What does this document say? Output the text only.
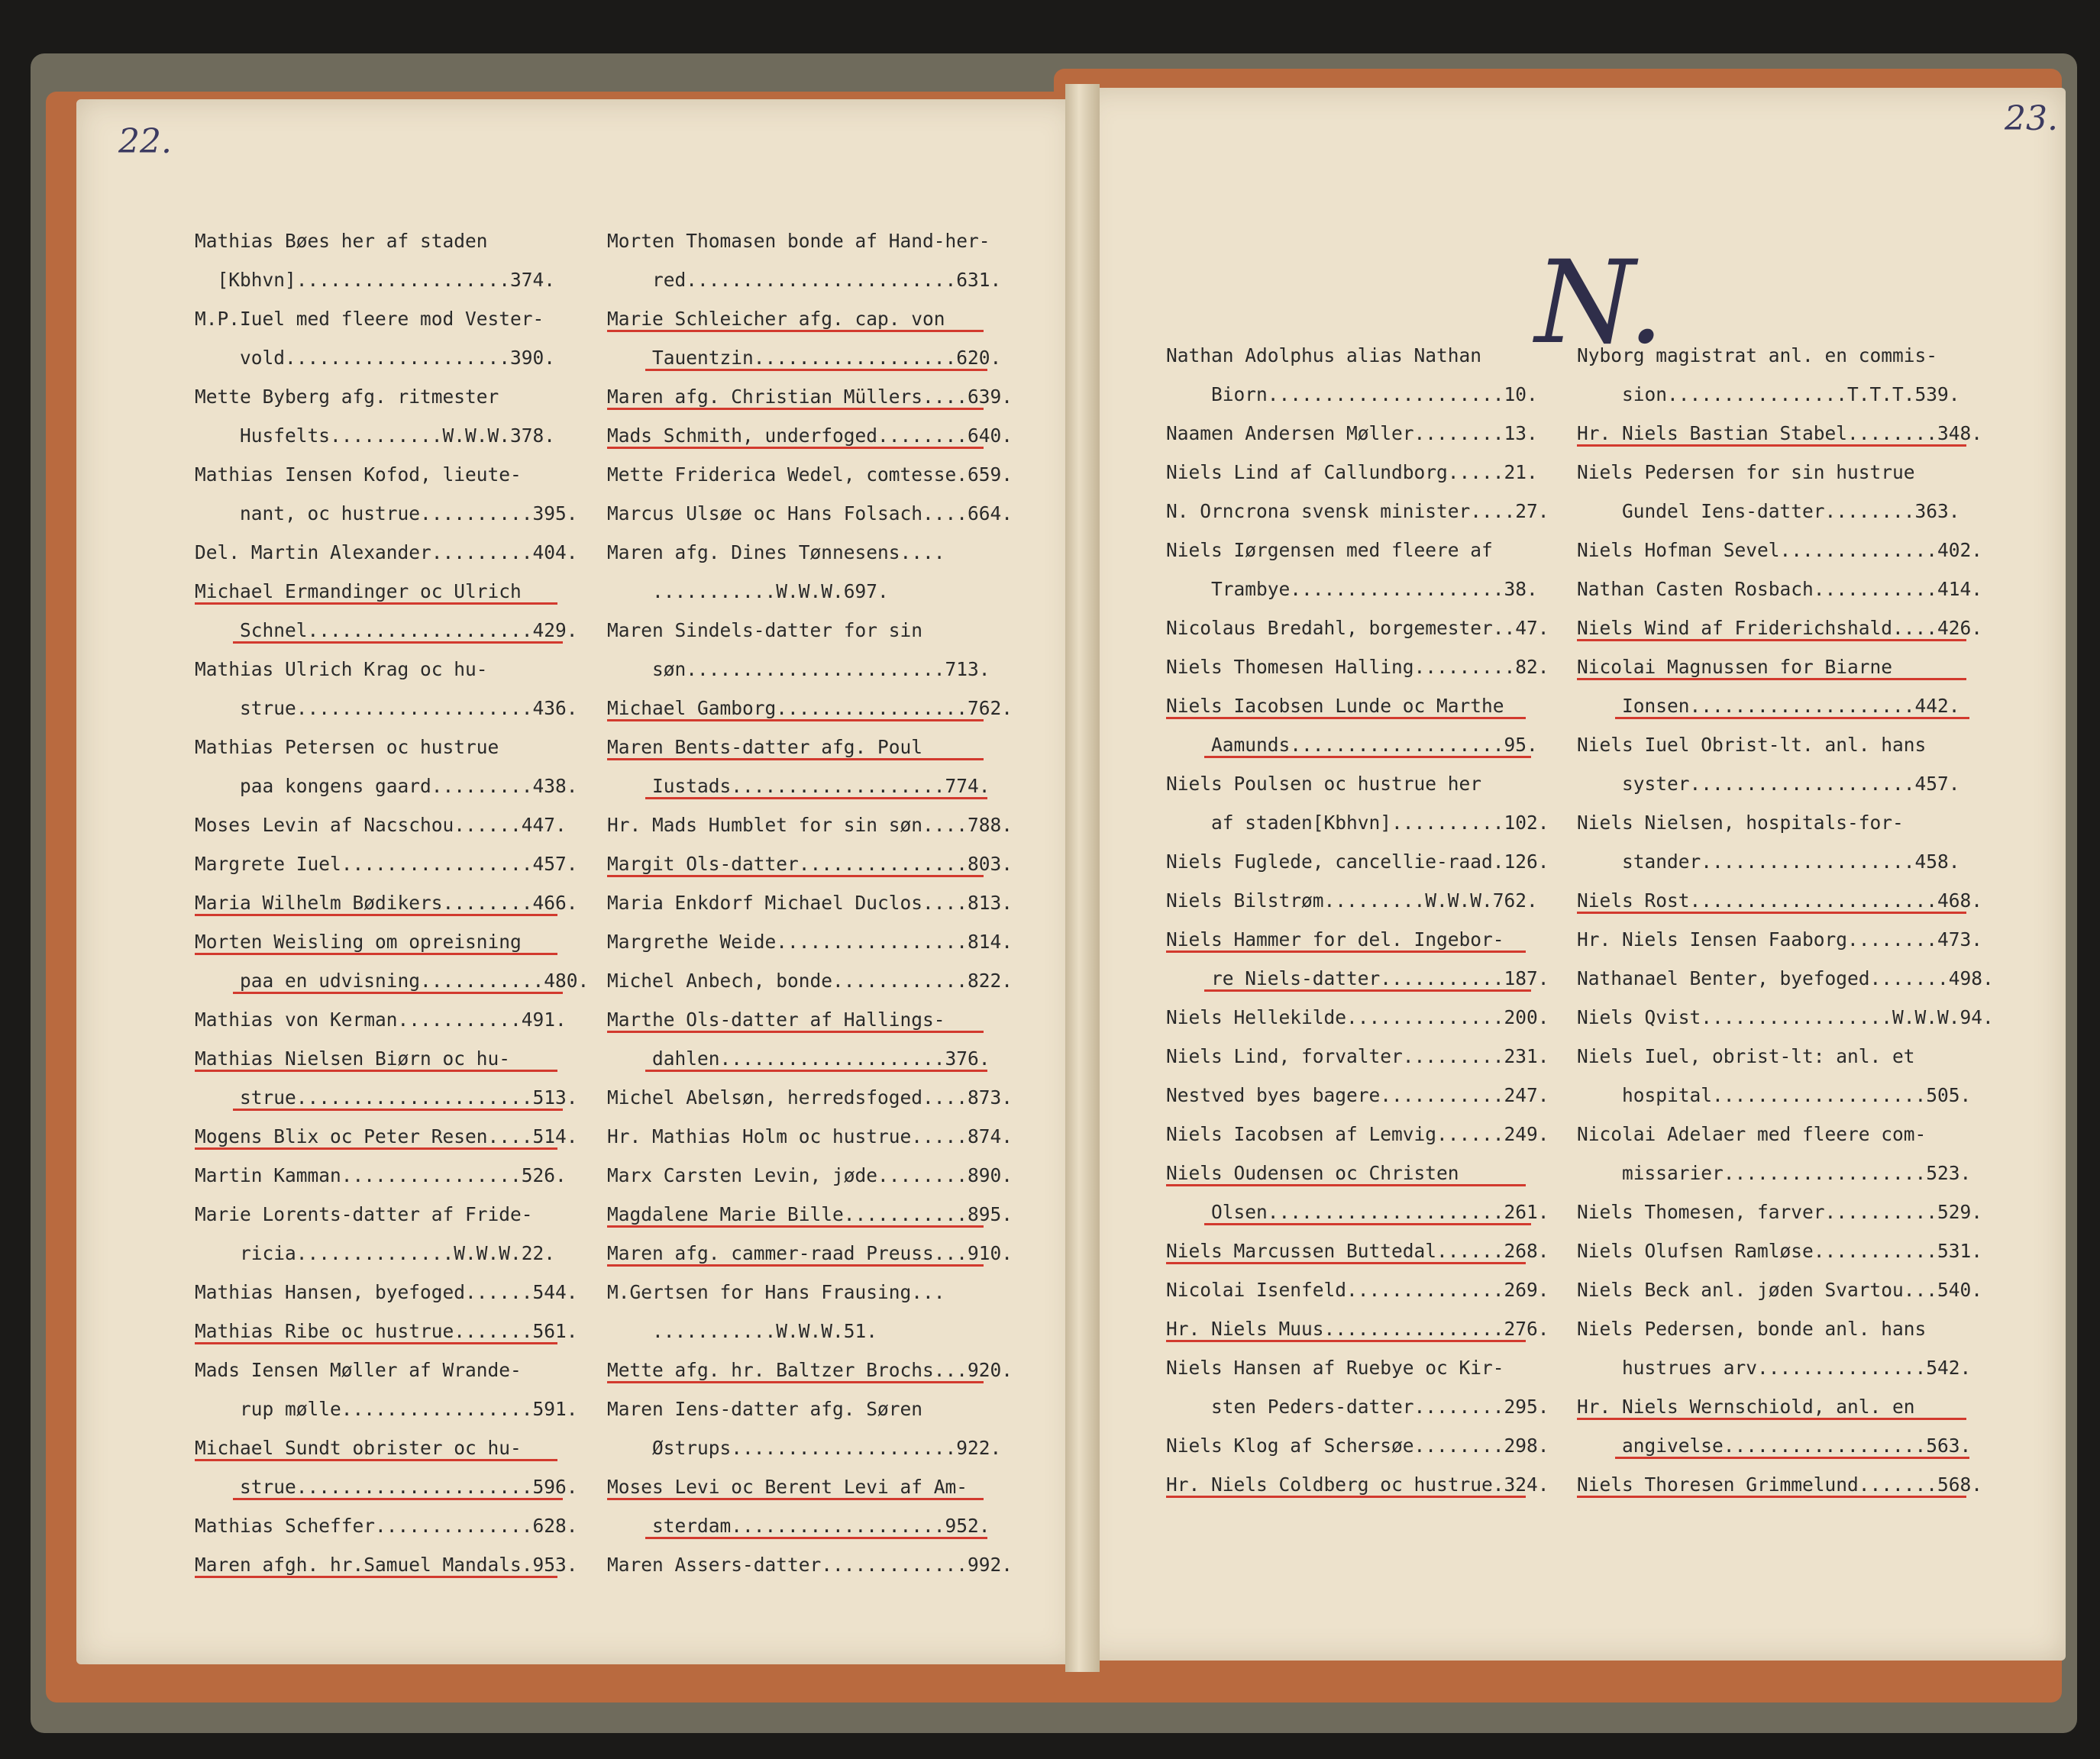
22.
23.
N.
Mathias Bøes her af staden
[Kbhvn]...................374.
M.P.Iuel med fleere mod Vester-
vold....................390.
Mette Byberg afg. ritmester
Husfelts..........W.W.W.378.
Mathias Iensen Kofod, lieute-
nant, oc hustrue..........395.
Del. Martin Alexander.........404.
Michael Ermandinger oc Ulrich
Schnel....................429.
Mathias Ulrich Krag oc hu-
strue.....................436.
Mathias Petersen oc hustrue
paa kongens gaard.........438.
Moses Levin af Nacschou......447.
Margrete Iuel.................457.
Maria Wilhelm Bødikers........466.
Morten Weisling om opreisning
paa en udvisning...........480.
Mathias von Kerman...........491.
Mathias Nielsen Biørn oc hu-
strue.....................513.
Mogens Blix oc Peter Resen....514.
Martin Kamman................526.
Marie Lorents-datter af Fride-
ricia..............W.W.W.22.
Mathias Hansen, byefoged......544.
Mathias Ribe oc hustrue.......561.
Mads Iensen Møller af Wrande-
rup mølle.................591.
Michael Sundt obrister oc hu-
strue.....................596.
Mathias Scheffer..............628.
Maren afgh. hr.Samuel Mandals.953.
Morten Thomasen bonde af Hand-her-
red........................631.
Marie Schleicher afg. cap. von
Tauentzin..................620.
Maren afg. Christian Müllers....639.
Mads Schmith, underfoged........640.
Mette Friderica Wedel, comtesse.659.
Marcus Ulsøe oc Hans Folsach....664.
Maren afg. Dines Tønnesens....
...........W.W.W.697.
Maren Sindels-datter for sin
søn.......................713.
Michael Gamborg.................762.
Maren Bents-datter afg. Poul
Iustads...................774.
Hr. Mads Humblet for sin søn....788.
Margit Ols-datter...............803.
Maria Enkdorf Michael Duclos....813.
Margrethe Weide.................814.
Michel Anbech, bonde............822.
Marthe Ols-datter af Hallings-
dahlen....................376.
Michel Abelsøn, herredsfoged....873.
Hr. Mathias Holm oc hustrue.....874.
Marx Carsten Levin, jøde........890.
Magdalene Marie Bille...........895.
Maren afg. cammer-raad Preuss...910.
M.Gertsen for Hans Frausing...
...........W.W.W.51.
Mette afg. hr. Baltzer Brochs...920.
Maren Iens-datter afg. Søren
Østrups....................922.
Moses Levi oc Berent Levi af Am-
sterdam...................952.
Maren Assers-datter.............992.
Nathan Adolphus alias Nathan
Biorn.....................10.
Naamen Andersen Møller........13.
Niels Lind af Callundborg.....21.
N. Orncrona svensk minister....27.
Niels Iørgensen med fleere af
Trambye...................38.
Nicolaus Bredahl, borgemester..47.
Niels Thomesen Halling.........82.
Niels Iacobsen Lunde oc Marthe
Aamunds...................95.
Niels Poulsen oc hustrue her
af staden[Kbhvn]..........102.
Niels Fuglede, cancellie-raad.126.
Niels Bilstrøm.........W.W.W.762.
Niels Hammer for del. Ingebor-
re Niels-datter...........187.
Niels Hellekilde..............200.
Niels Lind, forvalter.........231.
Nestved byes bagere...........247.
Niels Iacobsen af Lemvig......249.
Niels Oudensen oc Christen
Olsen.....................261.
Niels Marcussen Buttedal......268.
Nicolai Isenfeld..............269.
Hr. Niels Muus................276.
Niels Hansen af Ruebye oc Kir-
sten Peders-datter........295.
Niels Klog af Schersøe........298.
Hr. Niels Coldberg oc hustrue.324.
Nyborg magistrat anl. en commis-
sion................T.T.T.539.
Hr. Niels Bastian Stabel........348.
Niels Pedersen for sin hustrue
Gundel Iens-datter........363.
Niels Hofman Sevel..............402.
Nathan Casten Rosbach...........414.
Niels Wind af Friderichshald....426.
Nicolai Magnussen for Biarne
Ionsen....................442.
Niels Iuel Obrist-lt. anl. hans
syster....................457.
Niels Nielsen, hospitals-for-
stander...................458.
Niels Rost......................468.
Hr. Niels Iensen Faaborg........473.
Nathanael Benter, byefoged.......498.
Niels Qvist.................W.W.W.94.
Niels Iuel, obrist-lt: anl. et
hospital...................505.
Nicolai Adelaer med fleere com-
missarier..................523.
Niels Thomesen, farver..........529.
Niels Olufsen Ramløse...........531.
Niels Beck anl. jøden Svartou...540.
Niels Pedersen, bonde anl. hans
hustrues arv...............542.
Hr. Niels Wernschiold, anl. en
angivelse..................563.
Niels Thoresen Grimmelund.......568.
